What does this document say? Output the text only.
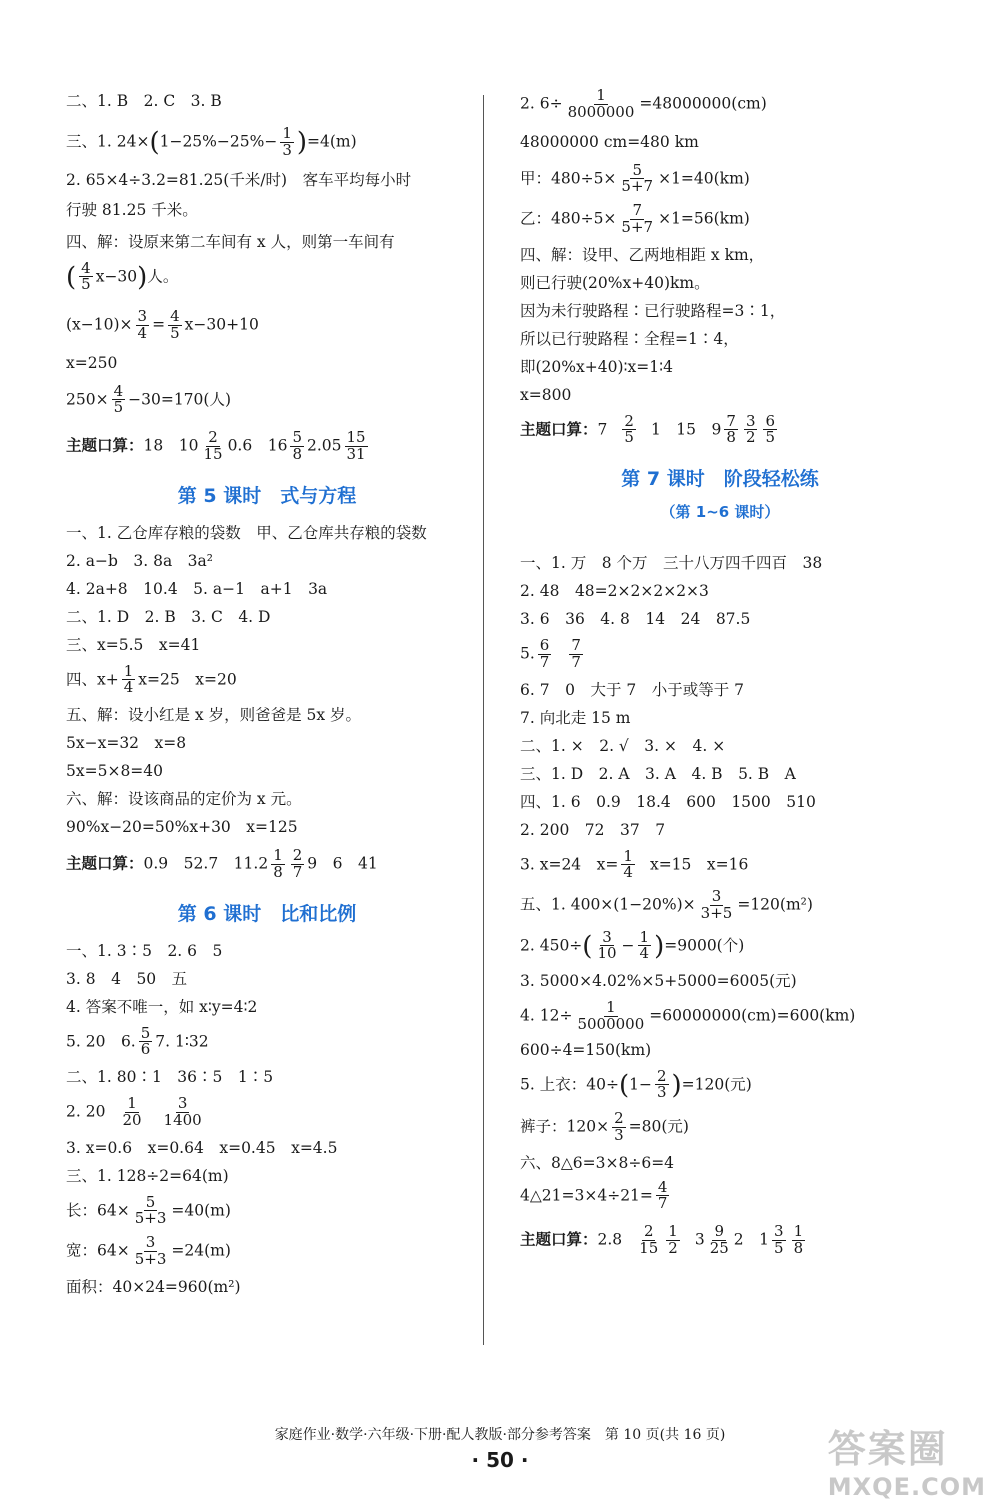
二、1. B　2. C　3. B
三、1. $24\times(1-25\%-25\%- \frac{1}{3} )=4(m)$
2. 65×4÷3.2=81.25(千米/时)　客车平均每小时
行驶 81.25 千米。
四、解：设原来第二车间有 x 人，则第一车间有
( $\frac{4}{5} x-30$)人。
$(x-10)\times \frac{3}{4} = \frac{4}{5} x-30+10$
x=250
$250\times \frac{4}{5} -30=170$(人)
主题口算：18　$10 \frac{2}{15} 0.6$　$16 \frac{5}{8} 2.05 \frac{15}{31}$
第 5 课时　式与方程
一、1. 乙仓库存粮的袋数　甲、乙仓库共存粮的袋数
2. a−b　3. 8a　3a²
4. 2a+8　10.4　5. a−1　a+1　3a
二、1. D　2. B　3. C　4. D
三、x=5.5　x=41
四、$x+ \frac{1}{4} x=25$　x=20
五、解：设小红是 x 岁，则爸爸是 5x 岁。
5x−x=32　x=8
5x=5×8=40
六、解：设该商品的定价为 x 元。
90%x−20=50%x+30　x=125
主题口算：0.9　52.7　$11.2 \frac{1}{8} \frac{2}{7} 9$　6　41
第 6 课时　比和比例
一、1. 3∶5　2. 6　5
3. 8　4　50　五
4. 答案不唯一，如 x∶y=4∶2
5. 20　6. $\frac{5}{6} 7$. 1∶32
二、1. 80∶1　36∶5　1∶5
2. $20 \frac{1}{20} \frac{3}{1400}$
3. x=0.6　x=0.64　x=0.45　x=4.5
三、1. 128÷2=64(m)
长：$64\times \frac{5}{5+3} =40(m)$
宽：$64\times \frac{3}{5+3} =24(m)$
面积：40×24=960(m²)
2. $6\div \frac{1}{8000000} =48000000(cm)$
48000000 cm=480 km
甲：$480\div 5\times \frac{5}{5+7} \times 1=40(km)$
乙：$480\div 5\times \frac{7}{5+7} \times 1=56(km)$
四、解：设甲、乙两地相距 x km，
则已行驶(20%x+40)km。
因为未行驶路程∶已行驶路程=3∶1，
所以已行驶路程∶全程=1∶4，
即(20%x+40)∶x=1∶4
x=800
主题口算：$7 \frac{2}{5} 1$　15　$9 \frac{7}{8} \frac{3}{2} \frac{6}{5}$
第 7 课时　阶段轻松练
（第 1~6 课时）
一、1. 万　8 个万　三十八万四千四百　38
2. 48　48=2×2×2×2×3
3. 6　36　4. 8　14　24　87.5
5. $\frac{6}{7} \frac{7}{7}$
6. 7　0　大于 7　小于或等于 7
7. 向北走 15 m
二、1. ×　2. √　3. ×　4. ×
三、1. D　2. A　3. A　4. B　5. B　A
四、1. 6　0.9　18.4　600　1500　510
2. 200　72　37　7
3. x=24　$x= \frac{1}{4} x=15$　x=16
五、1. $400\times(1-20\%)\times \frac{3}{3+5} =120(m^2)$
2. $450\div( \frac{3}{10} - \frac{1}{4} )=9000$(个)
3. 5000×4.02%×5+5000=6005(元)
4. $12\div \frac{1}{5000000} =60000000(cm)=600(km)$
600÷4=150(km)
5. 上衣：$40\div(1- \frac{2}{3} )=120$(元)
裤子：$120\times \frac{2}{3} =80$(元)
六、8△6=3×8÷6=4
4△21=3×4÷21= $\frac{4}{7}$
主题口算：$2.8 \frac{2}{15} \frac{1}{2} 3 \frac{9}{25} 2$　$1 \frac{3}{5} \frac{1}{8}$
家庭作业·数学·六年级·下册·配人教版·部分参考答案　第 10 页(共 16 页)
· 50 ·	答案圈
MXQE.COM
